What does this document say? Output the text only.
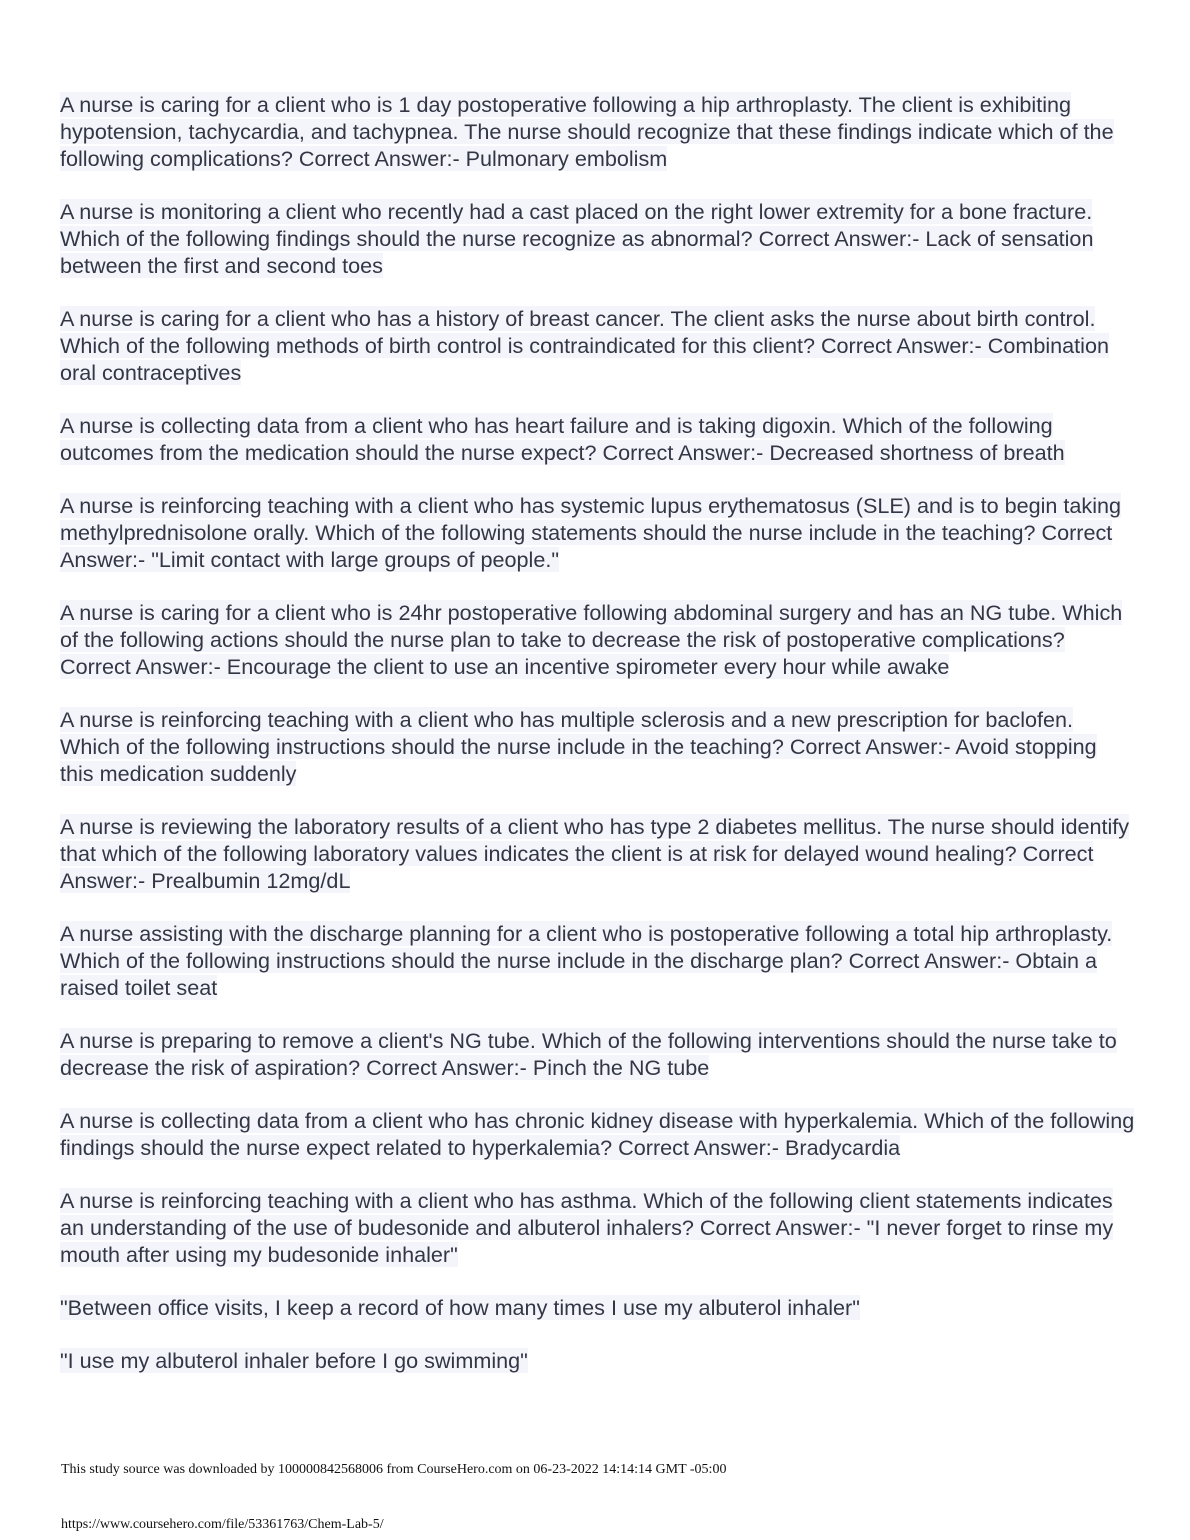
A nurse is caring for a client who is 1 day postoperative following a hip arthroplasty. The client is exhibiting hypotension, tachycardia, and tachypnea. The nurse should recognize that these findings indicate which of the following complications? Correct Answer:- Pulmonary embolism

A nurse is monitoring a client who recently had a cast placed on the right lower extremity for a bone fracture. Which of the following findings should the nurse recognize as abnormal? Correct Answer:- Lack of sensation between the first and second toes

A nurse is caring for a client who has a history of breast cancer. The client asks the nurse about birth control. Which of the following methods of birth control is contraindicated for this client? Correct Answer:- Combination oral contraceptives

A nurse is collecting data from a client who has heart failure and is taking digoxin. Which of the following outcomes from the medication should the nurse expect? Correct Answer:- Decreased shortness of breath

A nurse is reinforcing teaching with a client who has systemic lupus erythematosus (SLE) and is to begin taking methylprednisolone orally. Which of the following statements should the nurse include in the teaching? Correct Answer:- "Limit contact with large groups of people."

A nurse is caring for a client who is 24hr postoperative following abdominal surgery and has an NG tube. Which of the following actions should the nurse plan to take to decrease the risk of postoperative complications? Correct Answer:- Encourage the client to use an incentive spirometer every hour while awake

A nurse is reinforcing teaching with a client who has multiple sclerosis and a new prescription for baclofen. Which of the following instructions should the nurse include in the teaching? Correct Answer:- Avoid stopping this medication suddenly

A nurse is reviewing the laboratory results of a client who has type 2 diabetes mellitus. The nurse should identify that which of the following laboratory values indicates the client is at risk for delayed wound healing? Correct Answer:- Prealbumin 12mg/dL

A nurse assisting with the discharge planning for a client who is postoperative following a total hip arthroplasty. Which of the following instructions should the nurse include in the discharge plan? Correct Answer:- Obtain a raised toilet seat

A nurse is preparing to remove a client's NG tube. Which of the following interventions should the nurse take to decrease the risk of aspiration? Correct Answer:- Pinch the NG tube

A nurse is collecting data from a client who has chronic kidney disease with hyperkalemia. Which of the following findings should the nurse expect related to hyperkalemia? Correct Answer:- Bradycardia

A nurse is reinforcing teaching with a client who has asthma. Which of the following client statements indicates an understanding of the use of budesonide and albuterol inhalers? Correct Answer:- "I never forget to rinse my mouth after using my budesonide inhaler"

"Between office visits, I keep a record of how many times I use my albuterol inhaler"

"I use my albuterol inhaler before I go swimming"

This study source was downloaded by 100000842568006 from CourseHero.com on 06-23-2022 14:14:14 GMT -05:00
https://www.coursehero.com/file/53361763/Chem-Lab-5/
